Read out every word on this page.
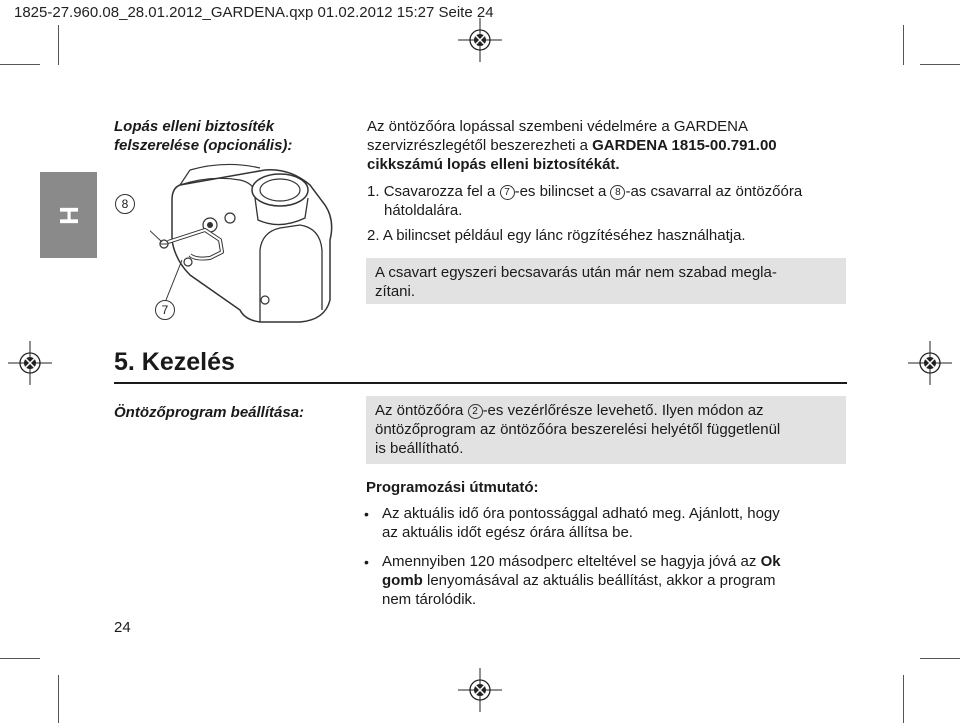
1825-27.960.08_28.01.2012_GARDENA.qxp 01.02.2012 15:27 Seite 24
H
Lopás elleni biztosíték
felszerelése (opcionális):
8
7
Az öntözőóra lopással szembeni védelmére a GARDENA
szervizrészlegétől beszerezheti a GARDENA 1815-00.791.00
cikkszámú lopás elleni biztosítékát.
1. Csavarozza fel a 7 -es bilincset a 8 -as csavarral az öntözőóra
hátoldalára.
2. A bilincset például egy lánc rögzítéséhez használhatja.
A csavart egyszeri becsavarás után már nem szabad megla-
zítani.
5. Kezelés
Öntözőprogram beállítása:	Az öntözőóra 2 -es vezérlőrésze levehető. Ilyen módon az
öntözőprogram az öntözőóra beszerelési helyétől függetlenül
is beállítható.
Programozási útmutató:
• Az aktuális idő óra pontossággal adható meg. Ajánlott, hogy
az aktuális időt egész órára állítsa be.
• Amennyiben 120 másodperc elteltével se hagyja jóvá az Ok
gomb lenyomásával az aktuális beállítást, akkor a program
nem tárolódik.
24
